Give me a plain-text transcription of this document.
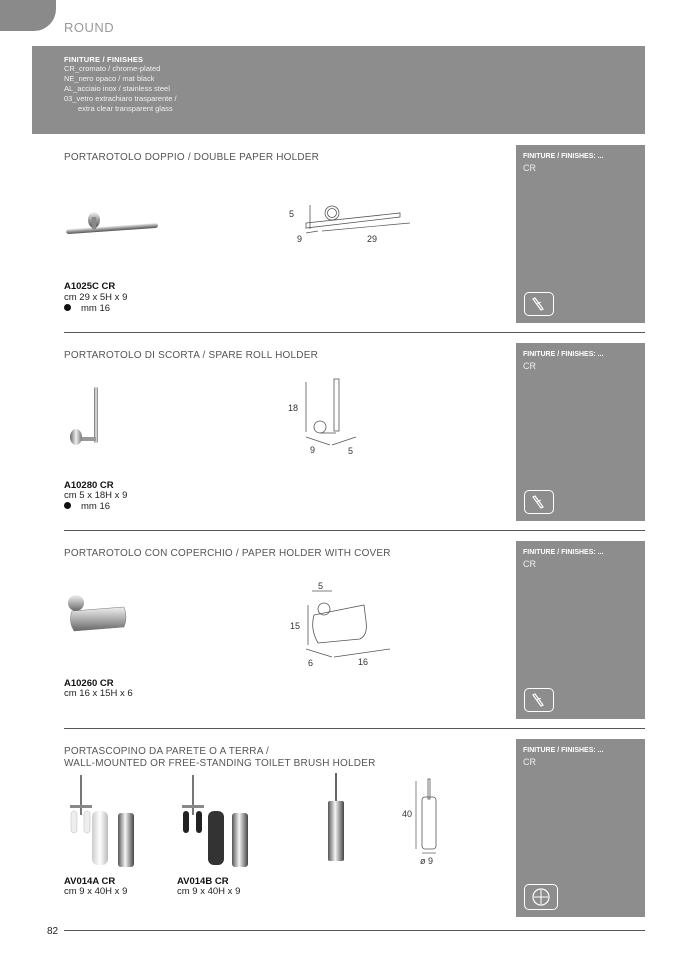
ROUND
FINITURE / FINISHES
CR_cromato / chrome-plated
NE_nero opaco / mat black
AL_acciaio inox / stainless steel
03_vetro extrachiaro trasparente /
extra clear transparent glass
PORTAROTOLO DOPPIO / DOUBLE PAPER HOLDER
5
9	29
A1025C CR
cm 29 x 5H x 9
mm 16
FINITURE / FINISHES: ...
CR
PORTAROTOLO DI SCORTA / SPARE ROLL HOLDER
18
9	5
A10280 CR
cm 5 x 18H x 9
mm 16
FINITURE / FINISHES: ...
CR
PORTAROTOLO CON COPERCHIO / PAPER HOLDER WITH COVER
5
15
6	16
A10260 CR
cm 16 x 15H x 6
FINITURE / FINISHES: ...
CR
PORTASCOPINO DA PARETE O A TERRA /
WALL-MOUNTED OR FREE-STANDING TOILET BRUSH HOLDER
40
ø 9
AV014A CR
cm 9 x 40H x 9
AV014B CR
cm 9 x 40H x 9
FINITURE / FINISHES: ...
CR
82
